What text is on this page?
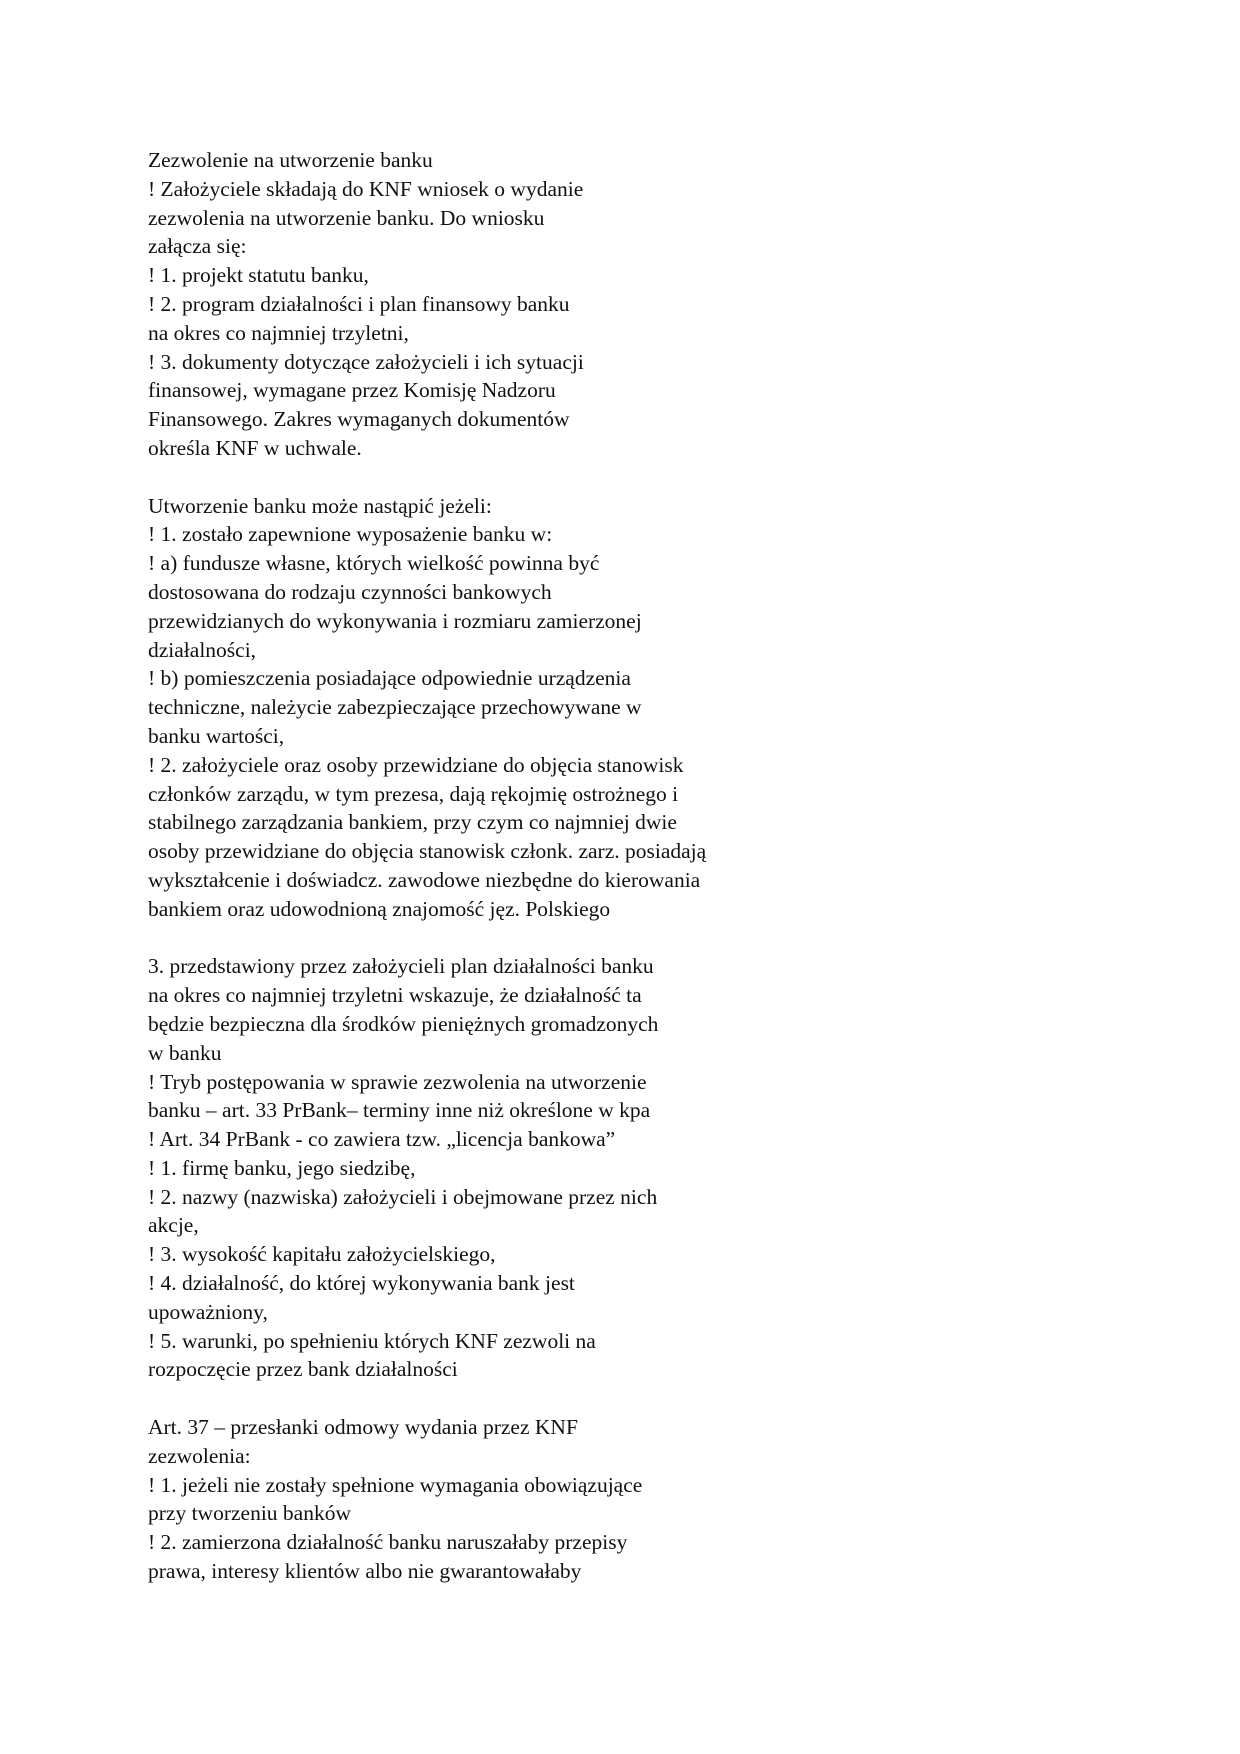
Zezwolenie na utworzenie banku
! Założyciele składają do KNF wniosek o wydanie
zezwolenia na utworzenie banku. Do wniosku
załącza się:
! 1. projekt statutu banku,
! 2. program działalności i plan finansowy banku
na okres co najmniej trzyletni,
! 3. dokumenty dotyczące założycieli i ich sytuacji
finansowej, wymagane przez Komisję Nadzoru
Finansowego. Zakres wymaganych dokumentów
określa KNF w uchwale.
Utworzenie banku może nastąpić jeżeli:
! 1. zostało zapewnione wyposażenie banku w:
! a) fundusze własne, których wielkość powinna być
dostosowana do rodzaju czynności bankowych
przewidzianych do wykonywania i rozmiaru zamierzonej
działalności,
! b) pomieszczenia posiadające odpowiednie urządzenia
techniczne, należycie zabezpieczające przechowywane w
banku wartości,
! 2. założyciele oraz osoby przewidziane do objęcia stanowisk
członków zarządu, w tym prezesa, dają rękojmię ostrożnego i
stabilnego zarządzania bankiem, przy czym co najmniej dwie
osoby przewidziane do objęcia stanowisk członk. zarz. posiadają
wykształcenie i doświadcz. zawodowe niezbędne do kierowania
bankiem oraz udowodnioną znajomość jęz. Polskiego
3. przedstawiony przez założycieli plan działalności banku
na okres co najmniej trzyletni wskazuje, że działalność ta
będzie bezpieczna dla środków pieniężnych gromadzonych
w banku
! Tryb postępowania w sprawie zezwolenia na utworzenie
banku – art. 33 PrBank– terminy inne niż określone w kpa
! Art. 34 PrBank - co zawiera tzw. „licencja bankowa”
! 1. firmę banku, jego siedzibę,
! 2. nazwy (nazwiska) założycieli i obejmowane przez nich
akcje,
! 3. wysokość kapitału założycielskiego,
! 4. działalność, do której wykonywania bank jest
upoważniony,
! 5. warunki, po spełnieniu których KNF zezwoli na
rozpoczęcie przez bank działalności
Art. 37 – przesłanki odmowy wydania przez KNF
zezwolenia:
! 1. jeżeli nie zostały spełnione wymagania obowiązujące
przy tworzeniu banków
! 2. zamierzona działalność banku naruszałaby przepisy
prawa, interesy klientów albo nie gwarantowałaby
